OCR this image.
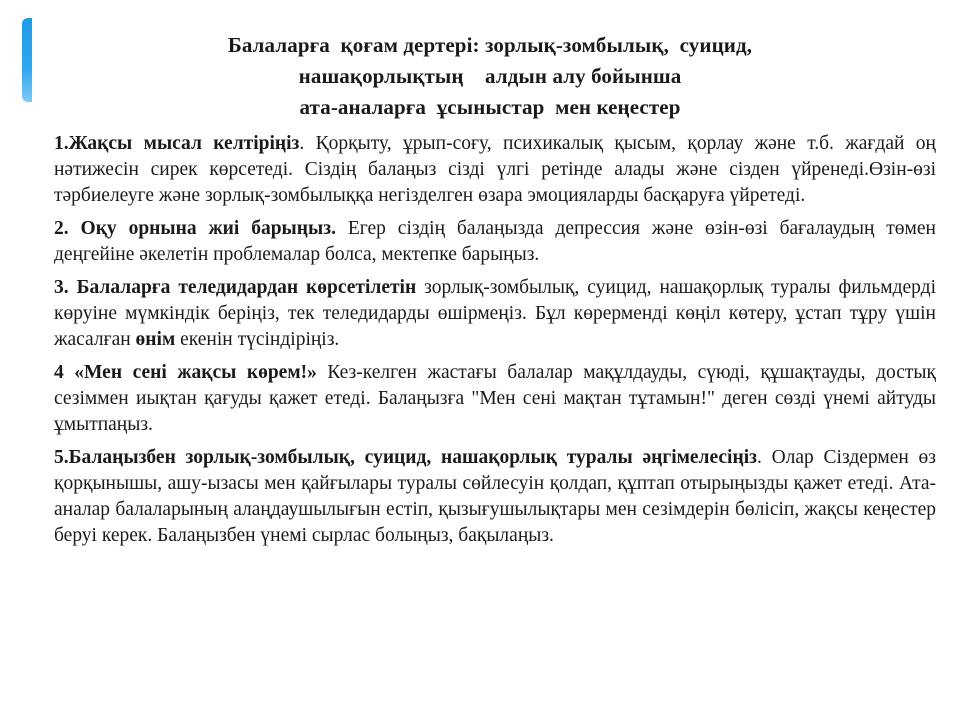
Балаларға  қоғам дертері: зорлық-зомбылық,  суицид,
нашақорлықтың    алдын алу бойынша
ата-аналарға  ұсыныстар  мен кеңестер

1.Жақсы мысал келтіріңіз. Қорқыту, ұрып-соғу, психикалық қысым, қорлау және т.б. жағдай оң нәтижесін сирек көрсетеді. Сіздің балаңыз сізді үлгі ретінде алады және сізден үйренеді.Өзін-өзі тәрбиелеуге және зорлық-зомбылыққа негізделген өзара эмоцияларды басқаруға үйретеді.

2. Оқу орнына жиі барыңыз. Егер сіздің балаңызда депрессия және өзін-өзі бағалаудың төмен деңгейіне әкелетін проблемалар болса, мектепке барыңыз.

3. Балаларға теледидардан көрсетілетін зорлық-зомбылық, суицид, нашақорлық туралы фильмдерді көруіне мүмкіндік беріңіз, тек теледидарды өшірмеңіз. Бұл көрерменді көңіл көтеру, ұстап тұру үшін жасалған өнім екенін түсіндіріңіз.

4 «Мен сені жақсы көрем!» Кез-келген жастағы балалар мақұлдауды, сүюді, құшақтауды, достық сезіммен иықтан қағуды қажет етеді. Балаңызға "Мен сені мақтан тұтамын!" деген сөзді үнемі айтуды ұмытпаңыз.

5.Балаңызбен зорлық-зомбылық, суицид, нашақорлық туралы әңгімелесіңіз. Олар Сіздермен өз қорқынышы, ашу-ызасы мен қайғылары туралы сөйлесуін қолдап, құптап отырыңызды қажет етеді. Ата-аналар балаларының алаңдаушылығын естіп, қызығушылықтары мен сезімдерін бөлісіп, жақсы кеңестер беруі керек. Балаңызбен үнемі сырлас болыңыз, бақылаңыз.
